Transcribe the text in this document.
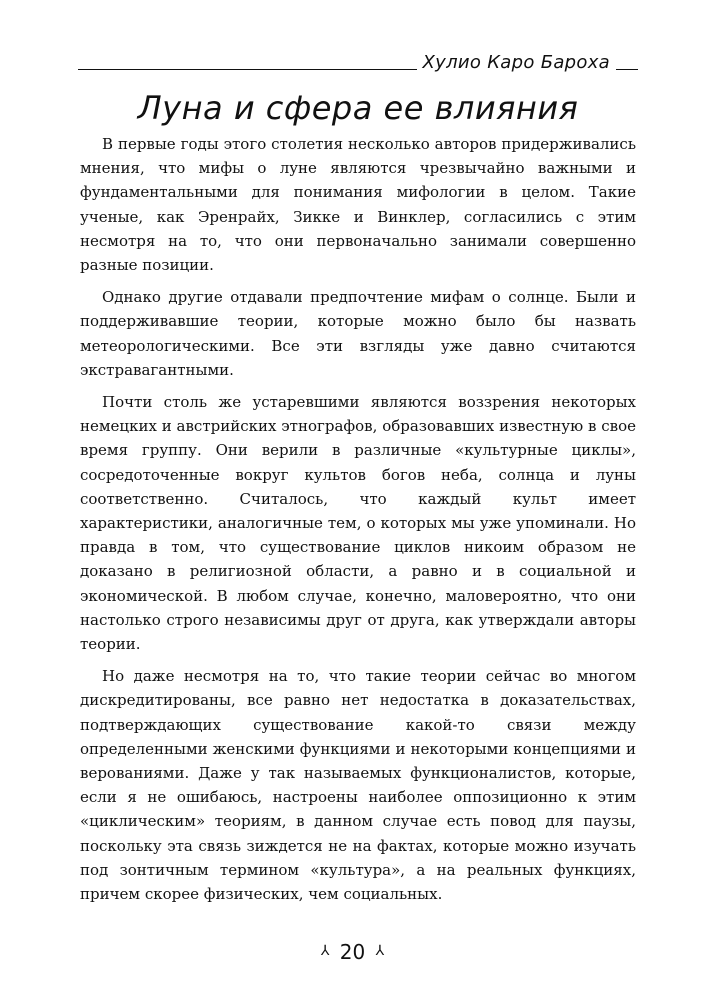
Хулио Каро Бароха
Луна и сфера ее влияния

В первые годы этого столетия несколько авторов придерживались мнения, что мифы о луне являются чрезвычайно важными и фундаментальными для понимания мифологии в целом. Такие ученые, как Эренрайх, Зикке и Винклер, согласились с этим несмотря на то, что они первоначально занимали совершенно разные позиции.

Однако другие отдавали предпочтение мифам о солнце. Были и поддерживавшие теории, которые можно было бы назвать метеорологическими. Все эти взгляды уже давно считаются экстравагантными.

Почти столь же устаревшими являются воззрения некоторых немецких и австрийских этнографов, образовавших известную в свое время группу. Они верили в различные «культурные циклы», сосредоточенные вокруг культов богов неба, солнца и луны соответственно. Считалось, что каждый культ имеет характеристики, аналогичные тем, о которых мы уже упоминали. Но правда в том, что существование циклов никоим образом не доказано в религиозной области, а равно и в социальной и экономической. В любом случае, конечно, маловероятно, что они настолько строго независимы друг от друга, как утверждали авторы теории.

Но даже несмотря на то, что такие теории сейчас во многом дискредитированы, все равно нет недостатка в доказательствах, подтверждающих существование какой-то связи между определенными женскими функциями и некоторыми концепциями и верованиями. Даже у так называемых функционалистов, которые, если я не ошибаюсь, настроены наиболее оппозиционно к этим «циклическим» теориям, в данном случае есть повод для паузы, поскольку эта связь зиждется не на фактах, которые можно изучать под зонтичным термином «культура», а на реальных функциях, причем скорее физических, чем социальных.

⅄ 20 ⅄
